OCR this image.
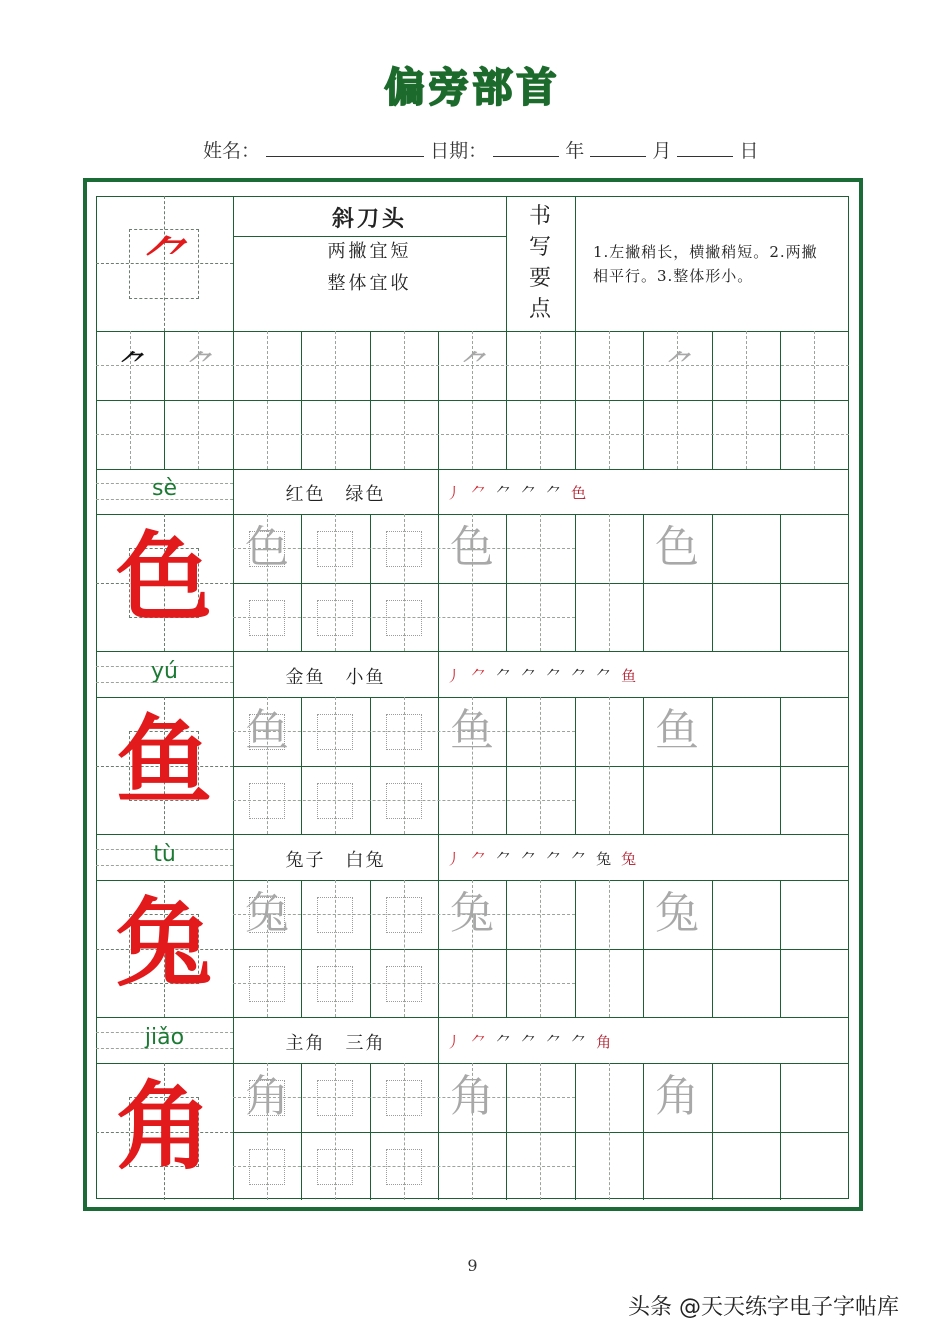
偏旁部首
姓名：	日期：	年	月	日
⺈
斜刀头
两撇宜短
整体宜收
书
写
要
点
1.左撇稍长，横撇稍短。2.两撇相平行。3.整体形小。
⺈ ⺈	⺈	⺈
sè	红色　绿色	丿⺈⺈⺈⺈色
色 色	色	色
yú	金鱼　小鱼	丿⺈⺈⺈⺈⺈⺈鱼
鱼 鱼	鱼	鱼
tù	兔子　白兔	丿⺈⺈⺈⺈⺈兔兔
兔 兔	兔	兔
jiǎo	主角　三角	丿⺈⺈⺈⺈⺈角
角 角	角	角
9
头条 @天天练字电子字帖库
